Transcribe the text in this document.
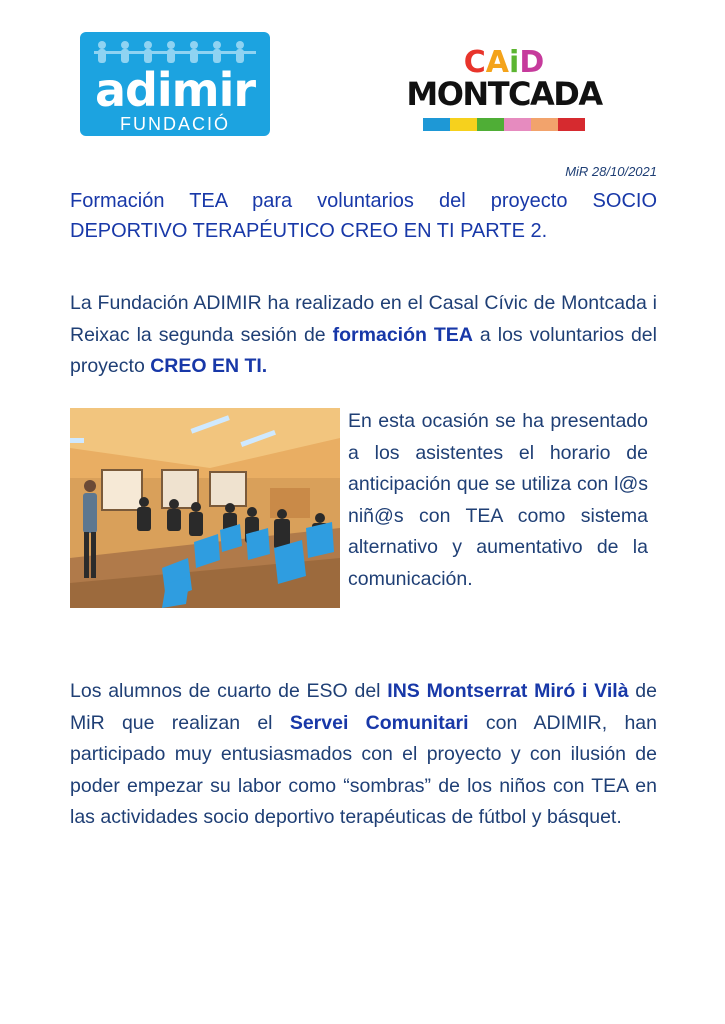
adimir
FUNDACIÓ
CAiD
MONTCADA
MiR 28/10/2021
Formación TEA para voluntarios del proyecto SOCIO DEPORTIVO TERAPÉUTICO CREO EN TI PARTE 2.

La Fundación ADIMIR ha realizado en el Casal Cívic de Montcada i Reixac la segunda sesión de formación TEA a los voluntarios del proyecto CREO EN TI.

En esta ocasión se ha presentado a los asistentes el horario de anticipación que se utiliza con l@s niñ@s con TEA como sistema alternativo y aumentativo de la comunicación.

Los alumnos de cuarto de ESO del INS Montserrat Miró i Vilà de MiR que realizan el Servei Comunitari con ADIMIR, han participado muy entusiasmados con el proyecto y con ilusión de poder empezar su labor como “sombras” de los niños con TEA en las actividades socio deportivo terapéuticas de fútbol y básquet.
